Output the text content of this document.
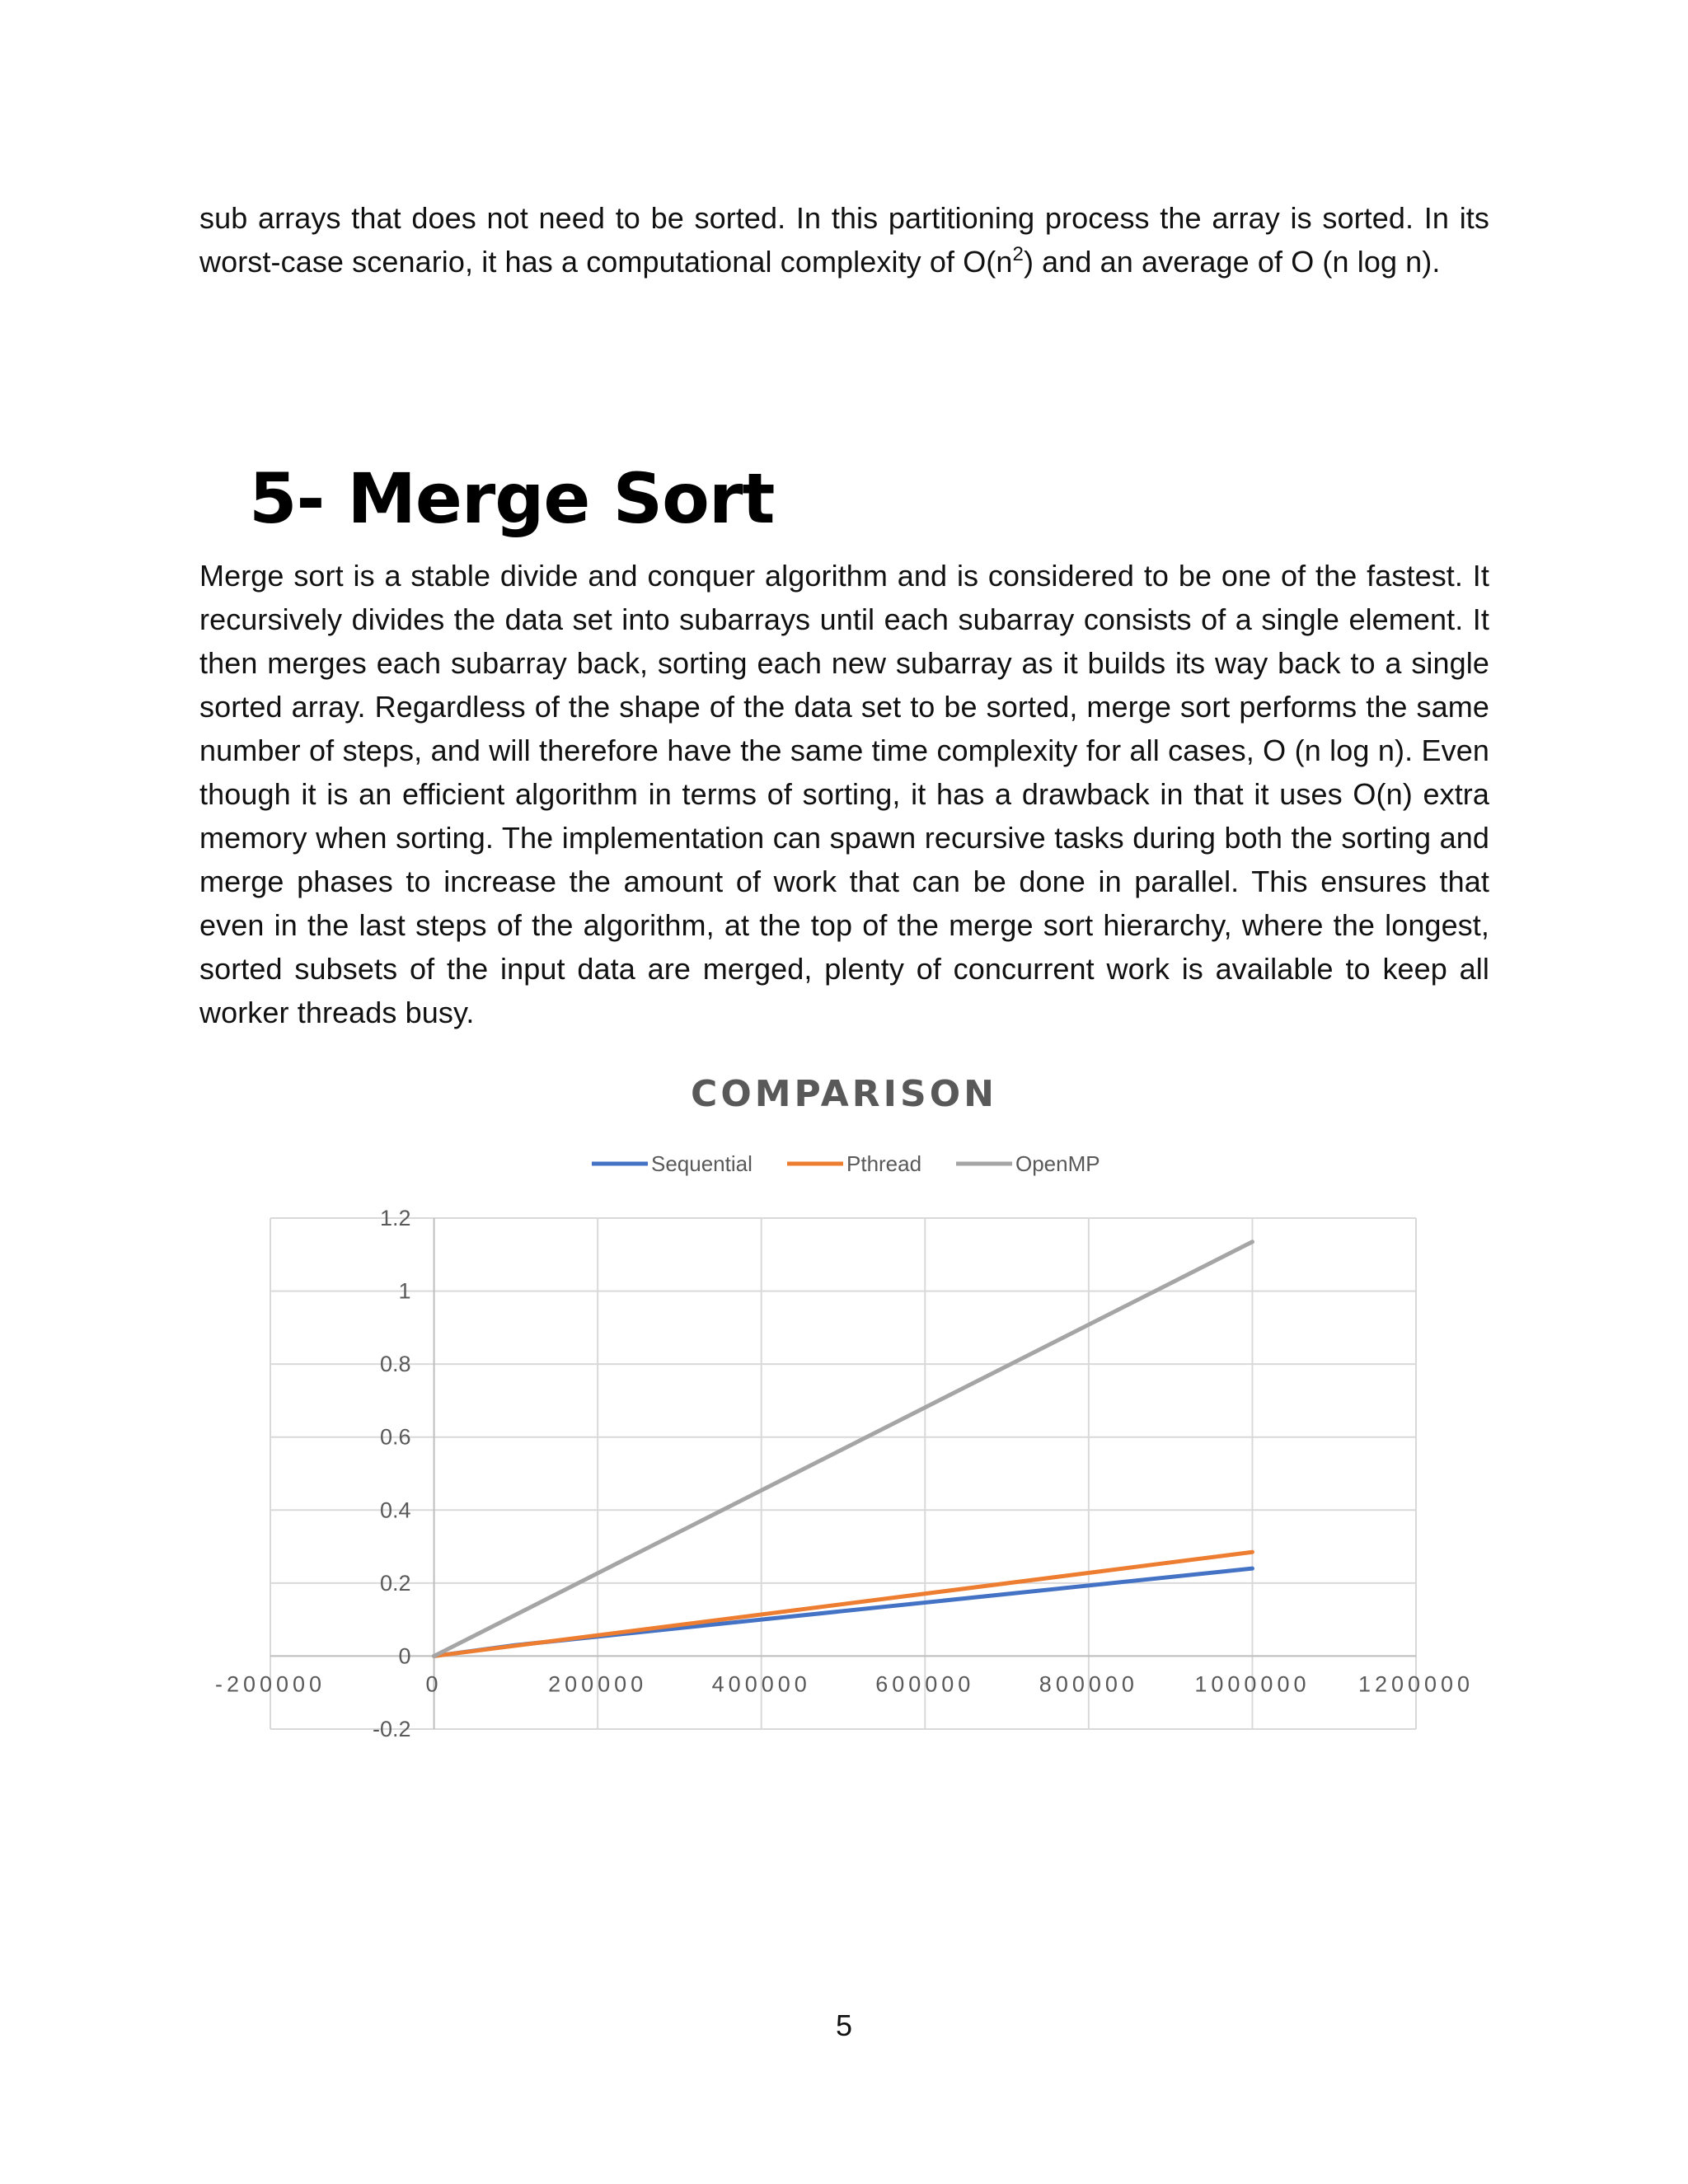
sub arrays that does not need to be sorted. In this partitioning process the array is sorted. In its
worst-case scenario, it has a computational complexity of $O(n^2)$ and an average of O (n log n).
5- Merge Sort
Merge sort is a stable divide and conquer algorithm and is considered to be one of the fastest. It recursively divides the data set into subarrays until each subarray consists of a single element. It then merges each subarray back, sorting each new subarray as it builds its way back to a single sorted array. Regardless of the shape of the data set to be sorted, merge sort performs the same number of steps, and will therefore have the same time complexity for all cases, O (n log n). Even though it is an efficient algorithm in terms of sorting, it has a drawback in that it uses O(n) extra memory when sorting. The implementation can spawn recursive tasks during both the sorting and merge phases to increase the amount of work that can be done in parallel. This ensures that even in the last steps of the algorithm, at the top of the merge sort hierarchy, where the longest, sorted subsets of the input data are merged, plenty of concurrent work is available to keep all worker threads busy.
COMPARISON
Sequential	Pthread	OpenMP
-200000	0	200000	400000	600000	800000	1000000 1200000
-0.2
0
0.2
0.4
0.6
0.8
1
1.2
5
